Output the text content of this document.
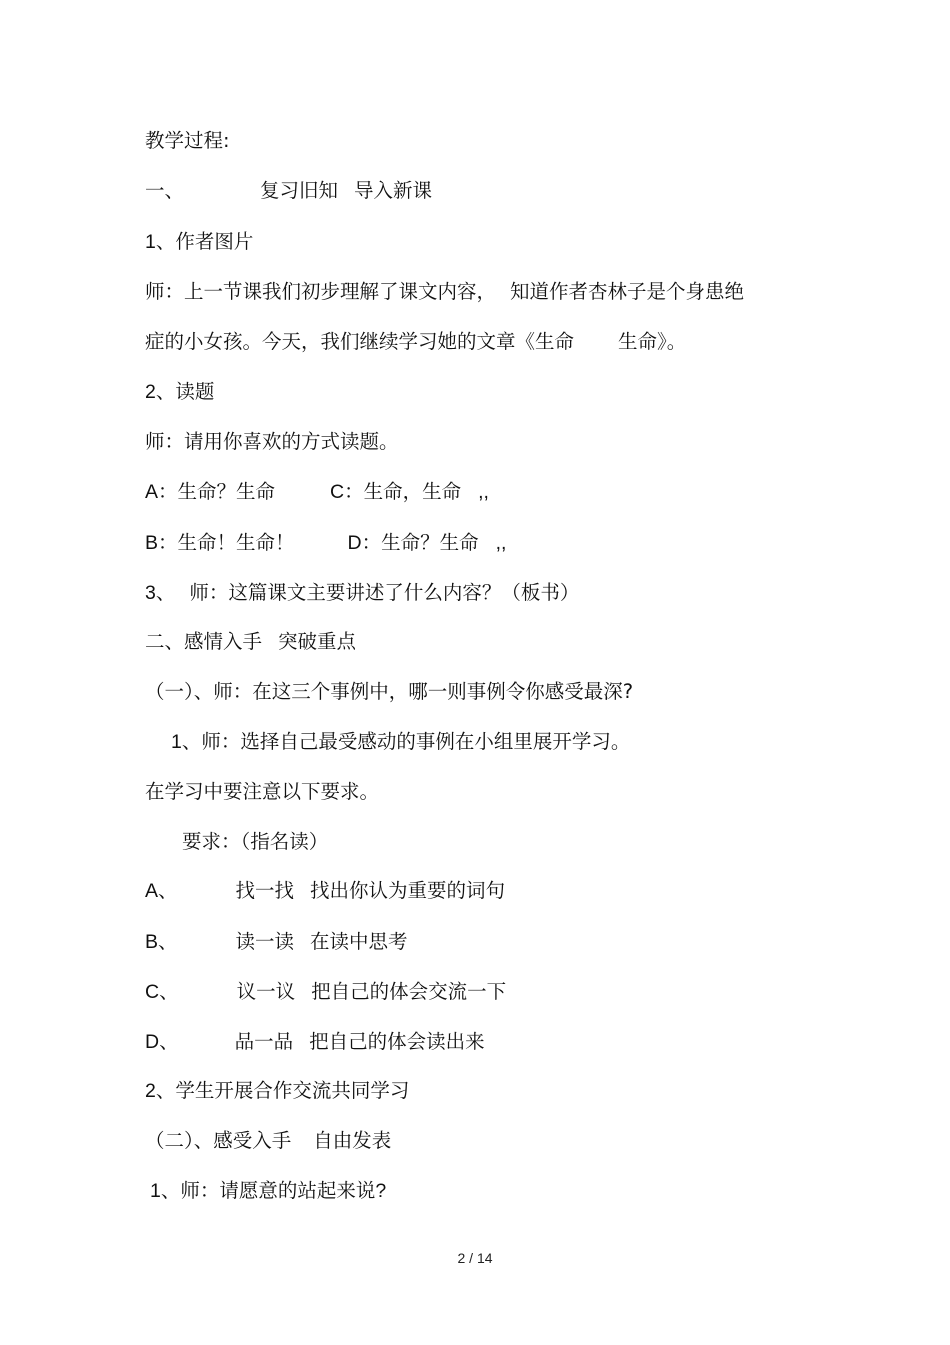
教学过程:

一、	复习旧知 导入新课

1、作者图片

师：上一节课我们初步理解了课文内容， 知道作者杏林子是个身患绝

症的小女孩。今天，我们继续学习她的文章《生命 生命》。

2、读题

师：请用你喜欢的方式读题。

A：生命？生命	C：生命，生命 ,,

B：生命！生命！	D：生命？生命 ,,

3、 师：这篇课文主要讲述了什么内容？（板书）

二、感情入手 突破重点

（一）、师：在这三个事例中，哪一则事例令你感受最深?

1、师：选择自己最受感动的事例在小组里展开学习。

在学习中要注意以下要求。

要求：（指名读）

A、	找一找 找出你认为重要的词句

B、	读一读 在读中思考

C、	议一议 把自己的体会交流一下

D、	品一品 把自己的体会读出来

2、学生开展合作交流共同学习

（二）、感受入手 自由发表

1、师：请愿意的站起来说?

2 / 14
